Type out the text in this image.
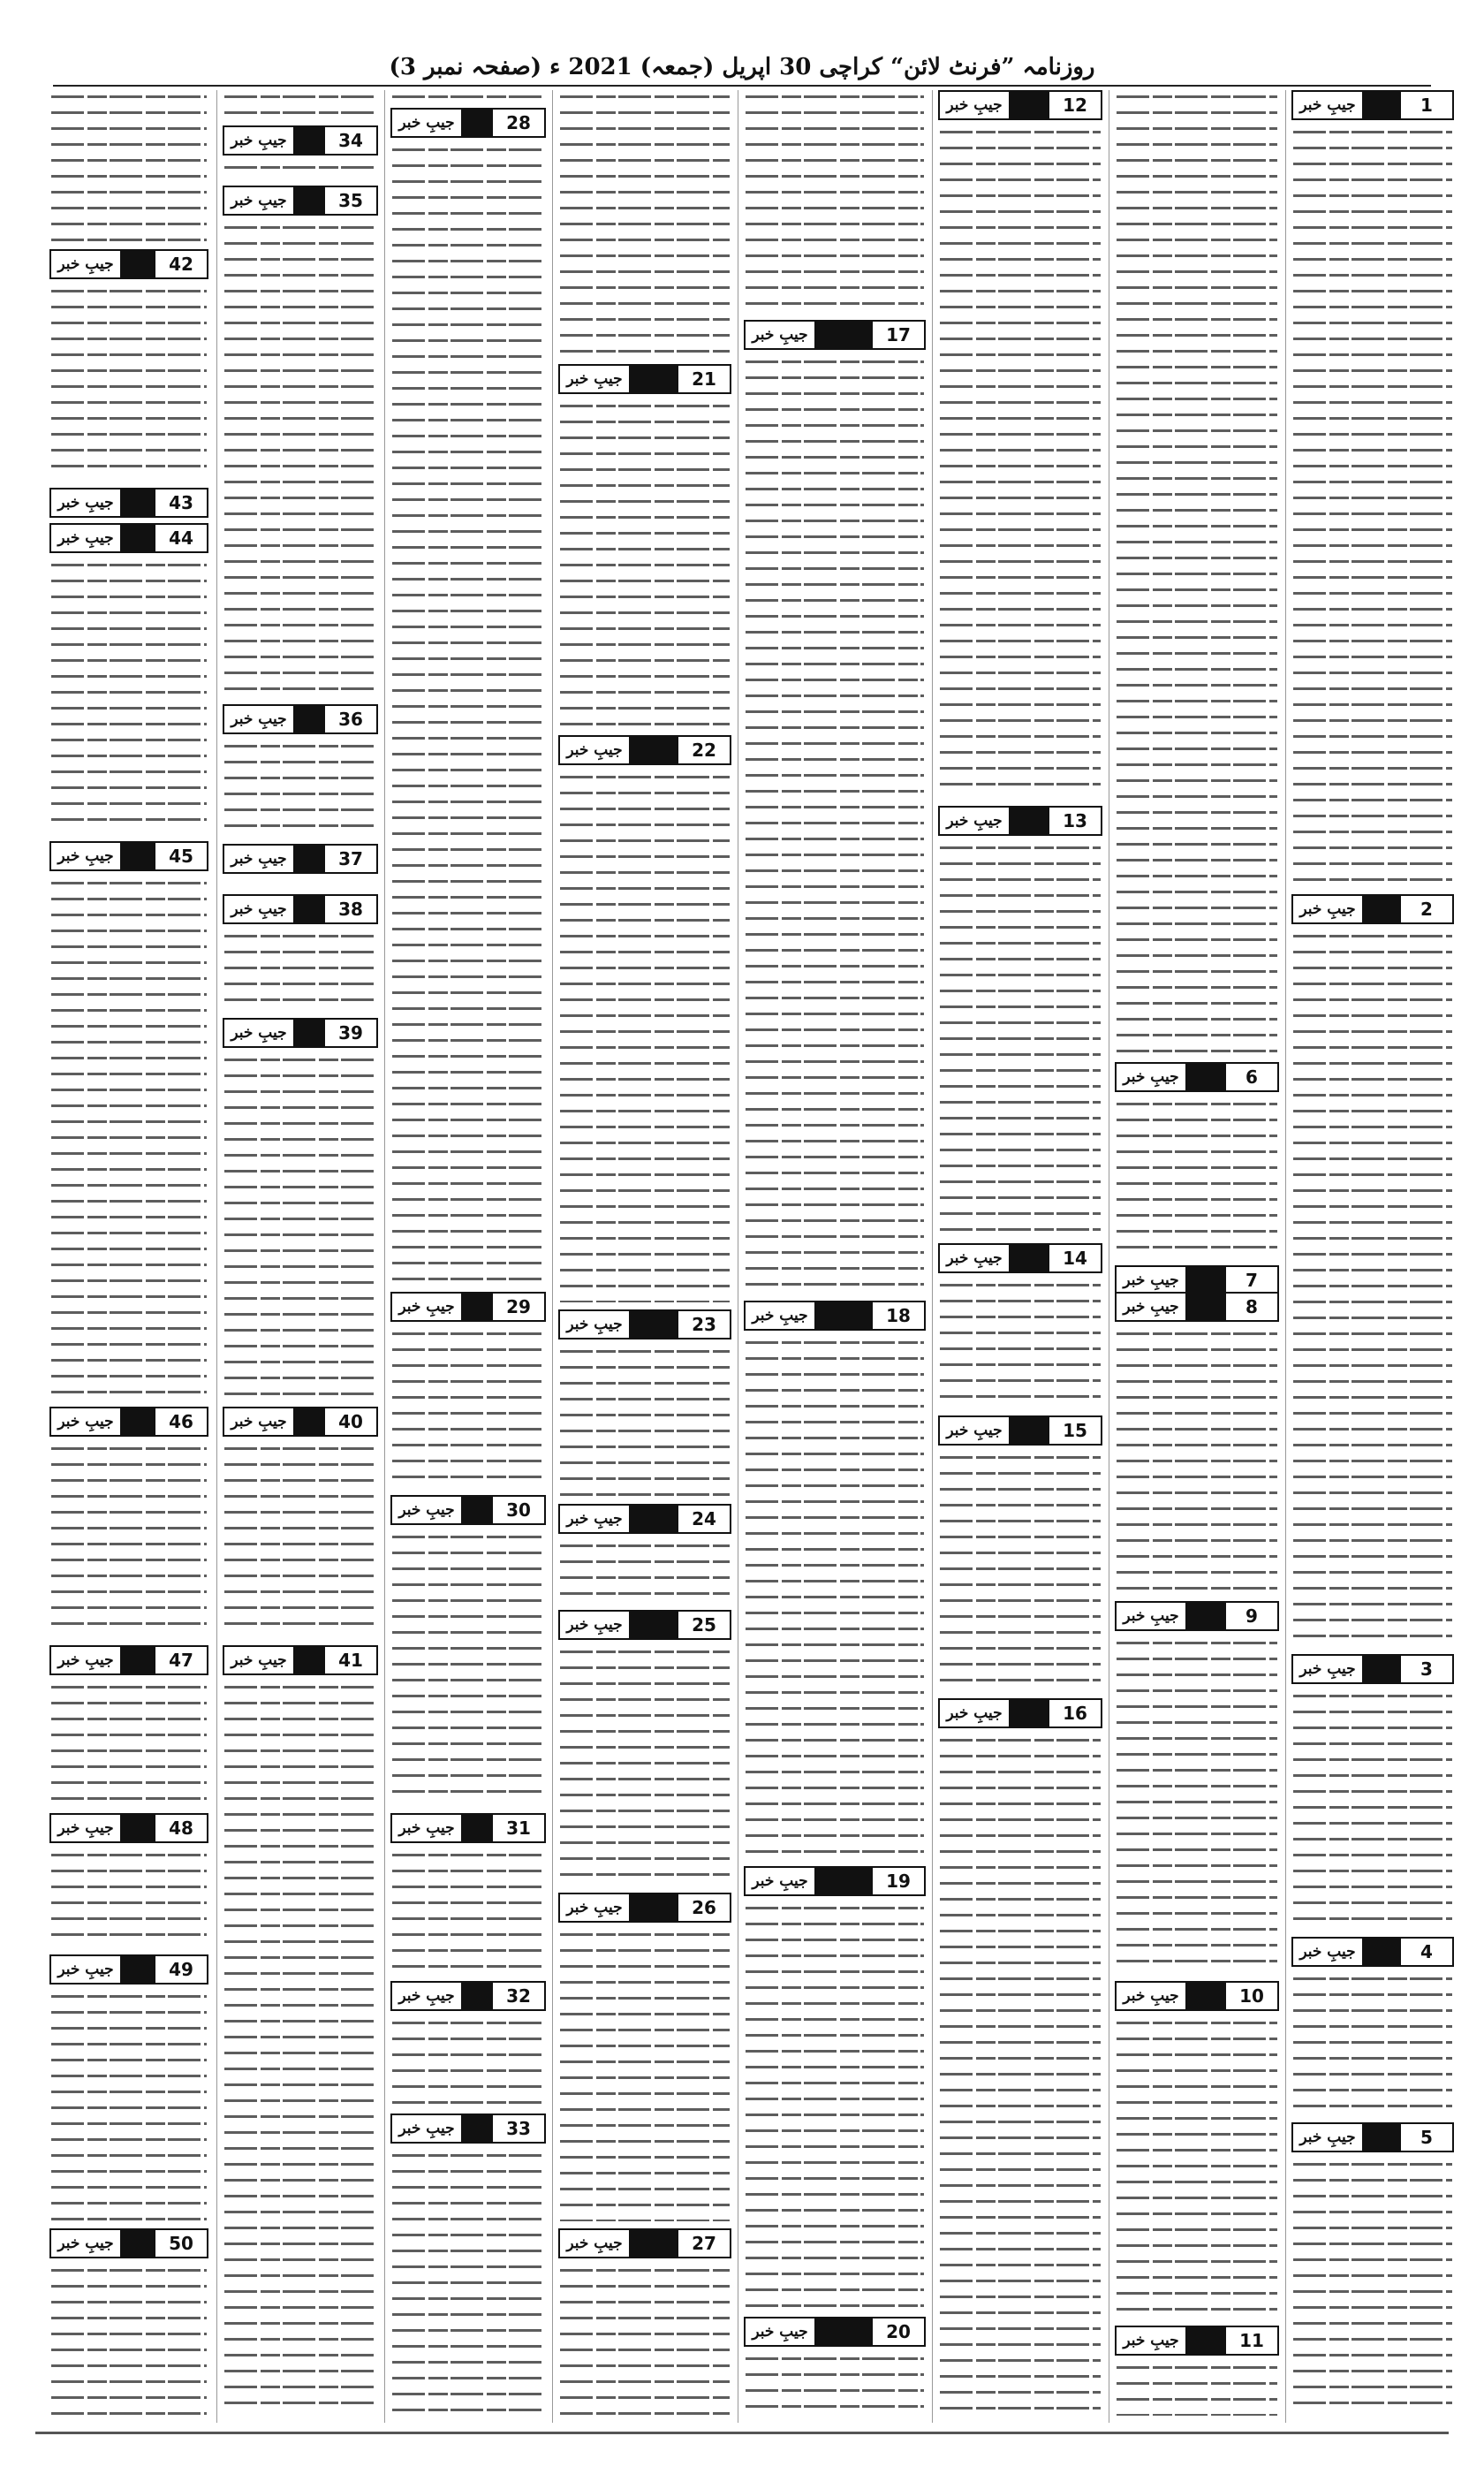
روزنامہ ”فرنٹ لائن“ کراچی 30 اپریل (جمعہ) 2021 ء (صفحہ نمبر 3)
1
جیبِ خبر
2
جیبِ خبر
3
جیبِ خبر
4
جیبِ خبر
5
جیبِ خبر
6
جیبِ خبر
7
جیبِ خبر
8
جیبِ خبر
9
جیبِ خبر
10
جیبِ خبر
11
جیبِ خبر
12
جیبِ خبر
13
جیبِ خبر
14
جیبِ خبر
15
جیبِ خبر
16
جیبِ خبر
17
جیبِ خبر
18
جیبِ خبر
19
جیبِ خبر
20
جیبِ خبر
21
جیبِ خبر
22
جیبِ خبر
23
جیبِ خبر
24
جیبِ خبر
25
جیبِ خبر
26
جیبِ خبر
27
جیبِ خبر
28
جیبِ خبر
29
جیبِ خبر
30
جیبِ خبر
31
جیبِ خبر
32
جیبِ خبر
33
جیبِ خبر
34
جیبِ خبر
35
جیبِ خبر
36
جیبِ خبر
37
جیبِ خبر
38
جیبِ خبر
39
جیبِ خبر
40
جیبِ خبر
41
جیبِ خبر
42
جیبِ خبر
43
جیبِ خبر
44
جیبِ خبر
45
جیبِ خبر
46
جیبِ خبر
47
جیبِ خبر
48
جیبِ خبر
49
جیبِ خبر
50
جیبِ خبر
